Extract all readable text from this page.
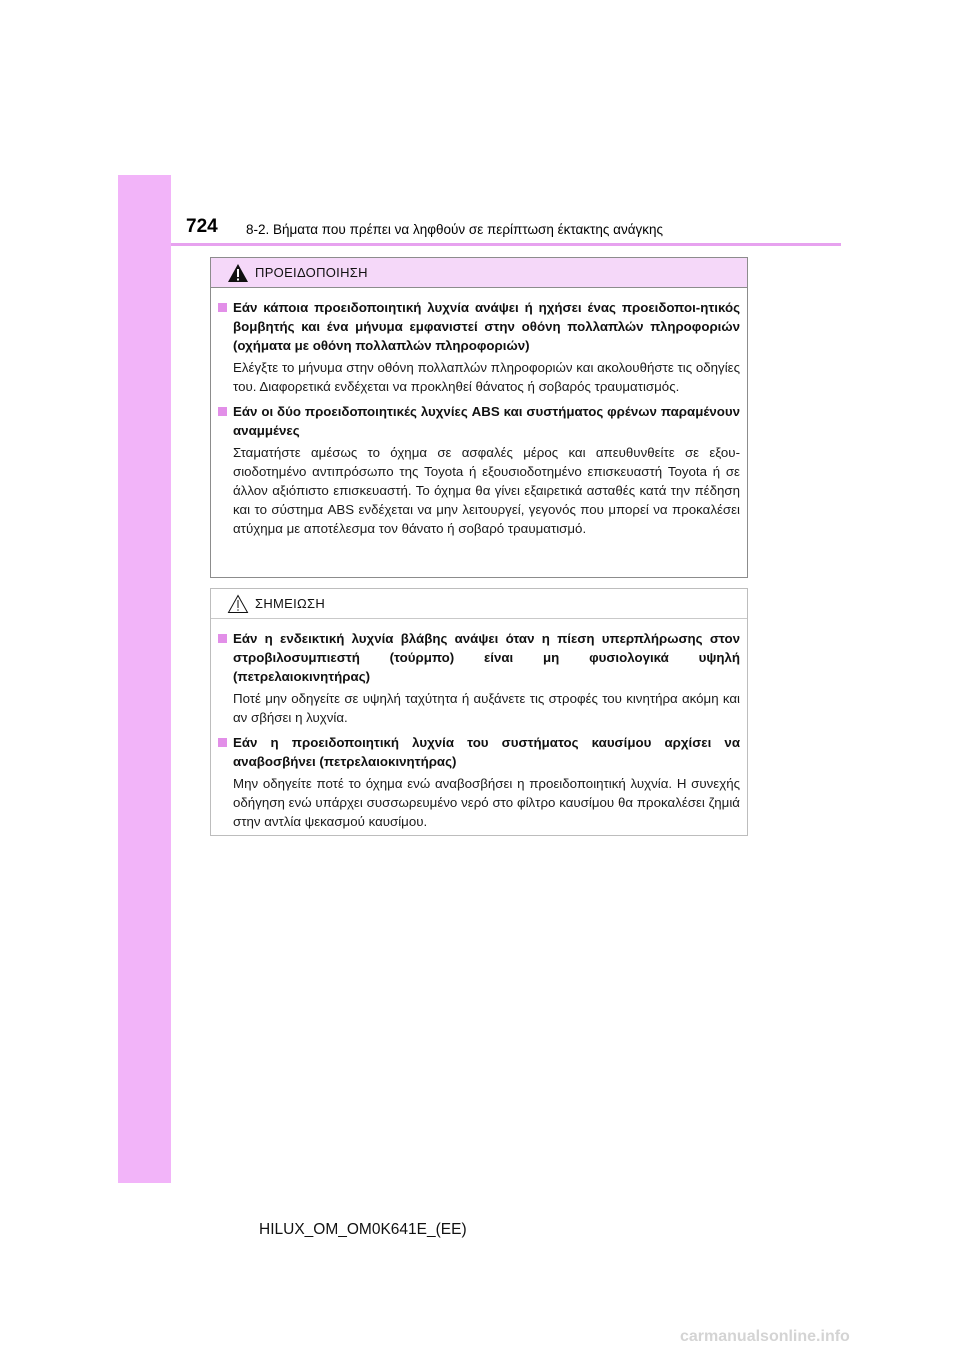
724 8-2. Βήματα που πρέπει να ληφθούν σε περίπτωση έκτακτης ανάγκης
ΠΡΟΕΙΔΟΠΟΙΗΣΗ
Εάν κάποια προειδοποιητική λυχνία ανάψει ή ηχήσει ένας προειδοποι-ητικός βομβητής και ένα μήνυμα εμφανιστεί στην οθόνη πολλαπλών πληροφοριών (οχήματα με οθόνη πολλαπλών πληροφοριών)
Ελέγξτε το μήνυμα στην οθόνη πολλαπλών πληροφοριών και ακολουθήστε τις οδηγίες του. Διαφορετικά ενδέχεται να προκληθεί θάνατος ή σοβαρός τραυματισμός.
Εάν οι δύο προειδοποιητικές λυχνίες ABS και συστήματος φρένων παραμένουν αναμμένες
Σταματήστε αμέσως το όχημα σε ασφαλές μέρος και απευθυνθείτε σε εξου-σιοδοτημένο αντιπρόσωπο της Toyota ή εξουσιοδοτημένο επισκευαστή Toyota ή σε άλλον αξιόπιστο επισκευαστή. Το όχημα θα γίνει εξαιρετικά ασταθές κατά την πέδηση και το σύστημα ABS ενδέχεται να μην λειτουργεί, γεγονός που μπορεί να προκαλέσει ατύχημα με αποτέλεσμα τον θάνατο ή σοβαρό τραυματισμό.
ΣΗΜΕΙΩΣΗ
Εάν η ενδεικτική λυχνία βλάβης ανάψει όταν η πίεση υπερπλήρωσης στον στροβιλοσυμπιεστή (τούρμπο) είναι μη φυσιολογικά υψηλή (πετρελαιοκινητήρας)
Ποτέ μην οδηγείτε σε υψηλή ταχύτητα ή αυξάνετε τις στροφές του κινητήρα ακόμη και αν σβήσει η λυχνία.
Εάν η προειδοποιητική λυχνία του συστήματος καυσίμου αρχίσει να αναβοσβήνει (πετρελαιοκινητήρας)
Μην οδηγείτε ποτέ το όχημα ενώ αναβοσβήσει η προειδοποιητική λυχνία. Η συνεχής οδήγηση ενώ υπάρχει συσσωρευμένο νερό στο φίλτρο καυσίμου θα προκαλέσει ζημιά στην αντλία ψεκασμού καυσίμου.
HILUX_OM_OM0K641E_(EE)
carmanualsonline.info
